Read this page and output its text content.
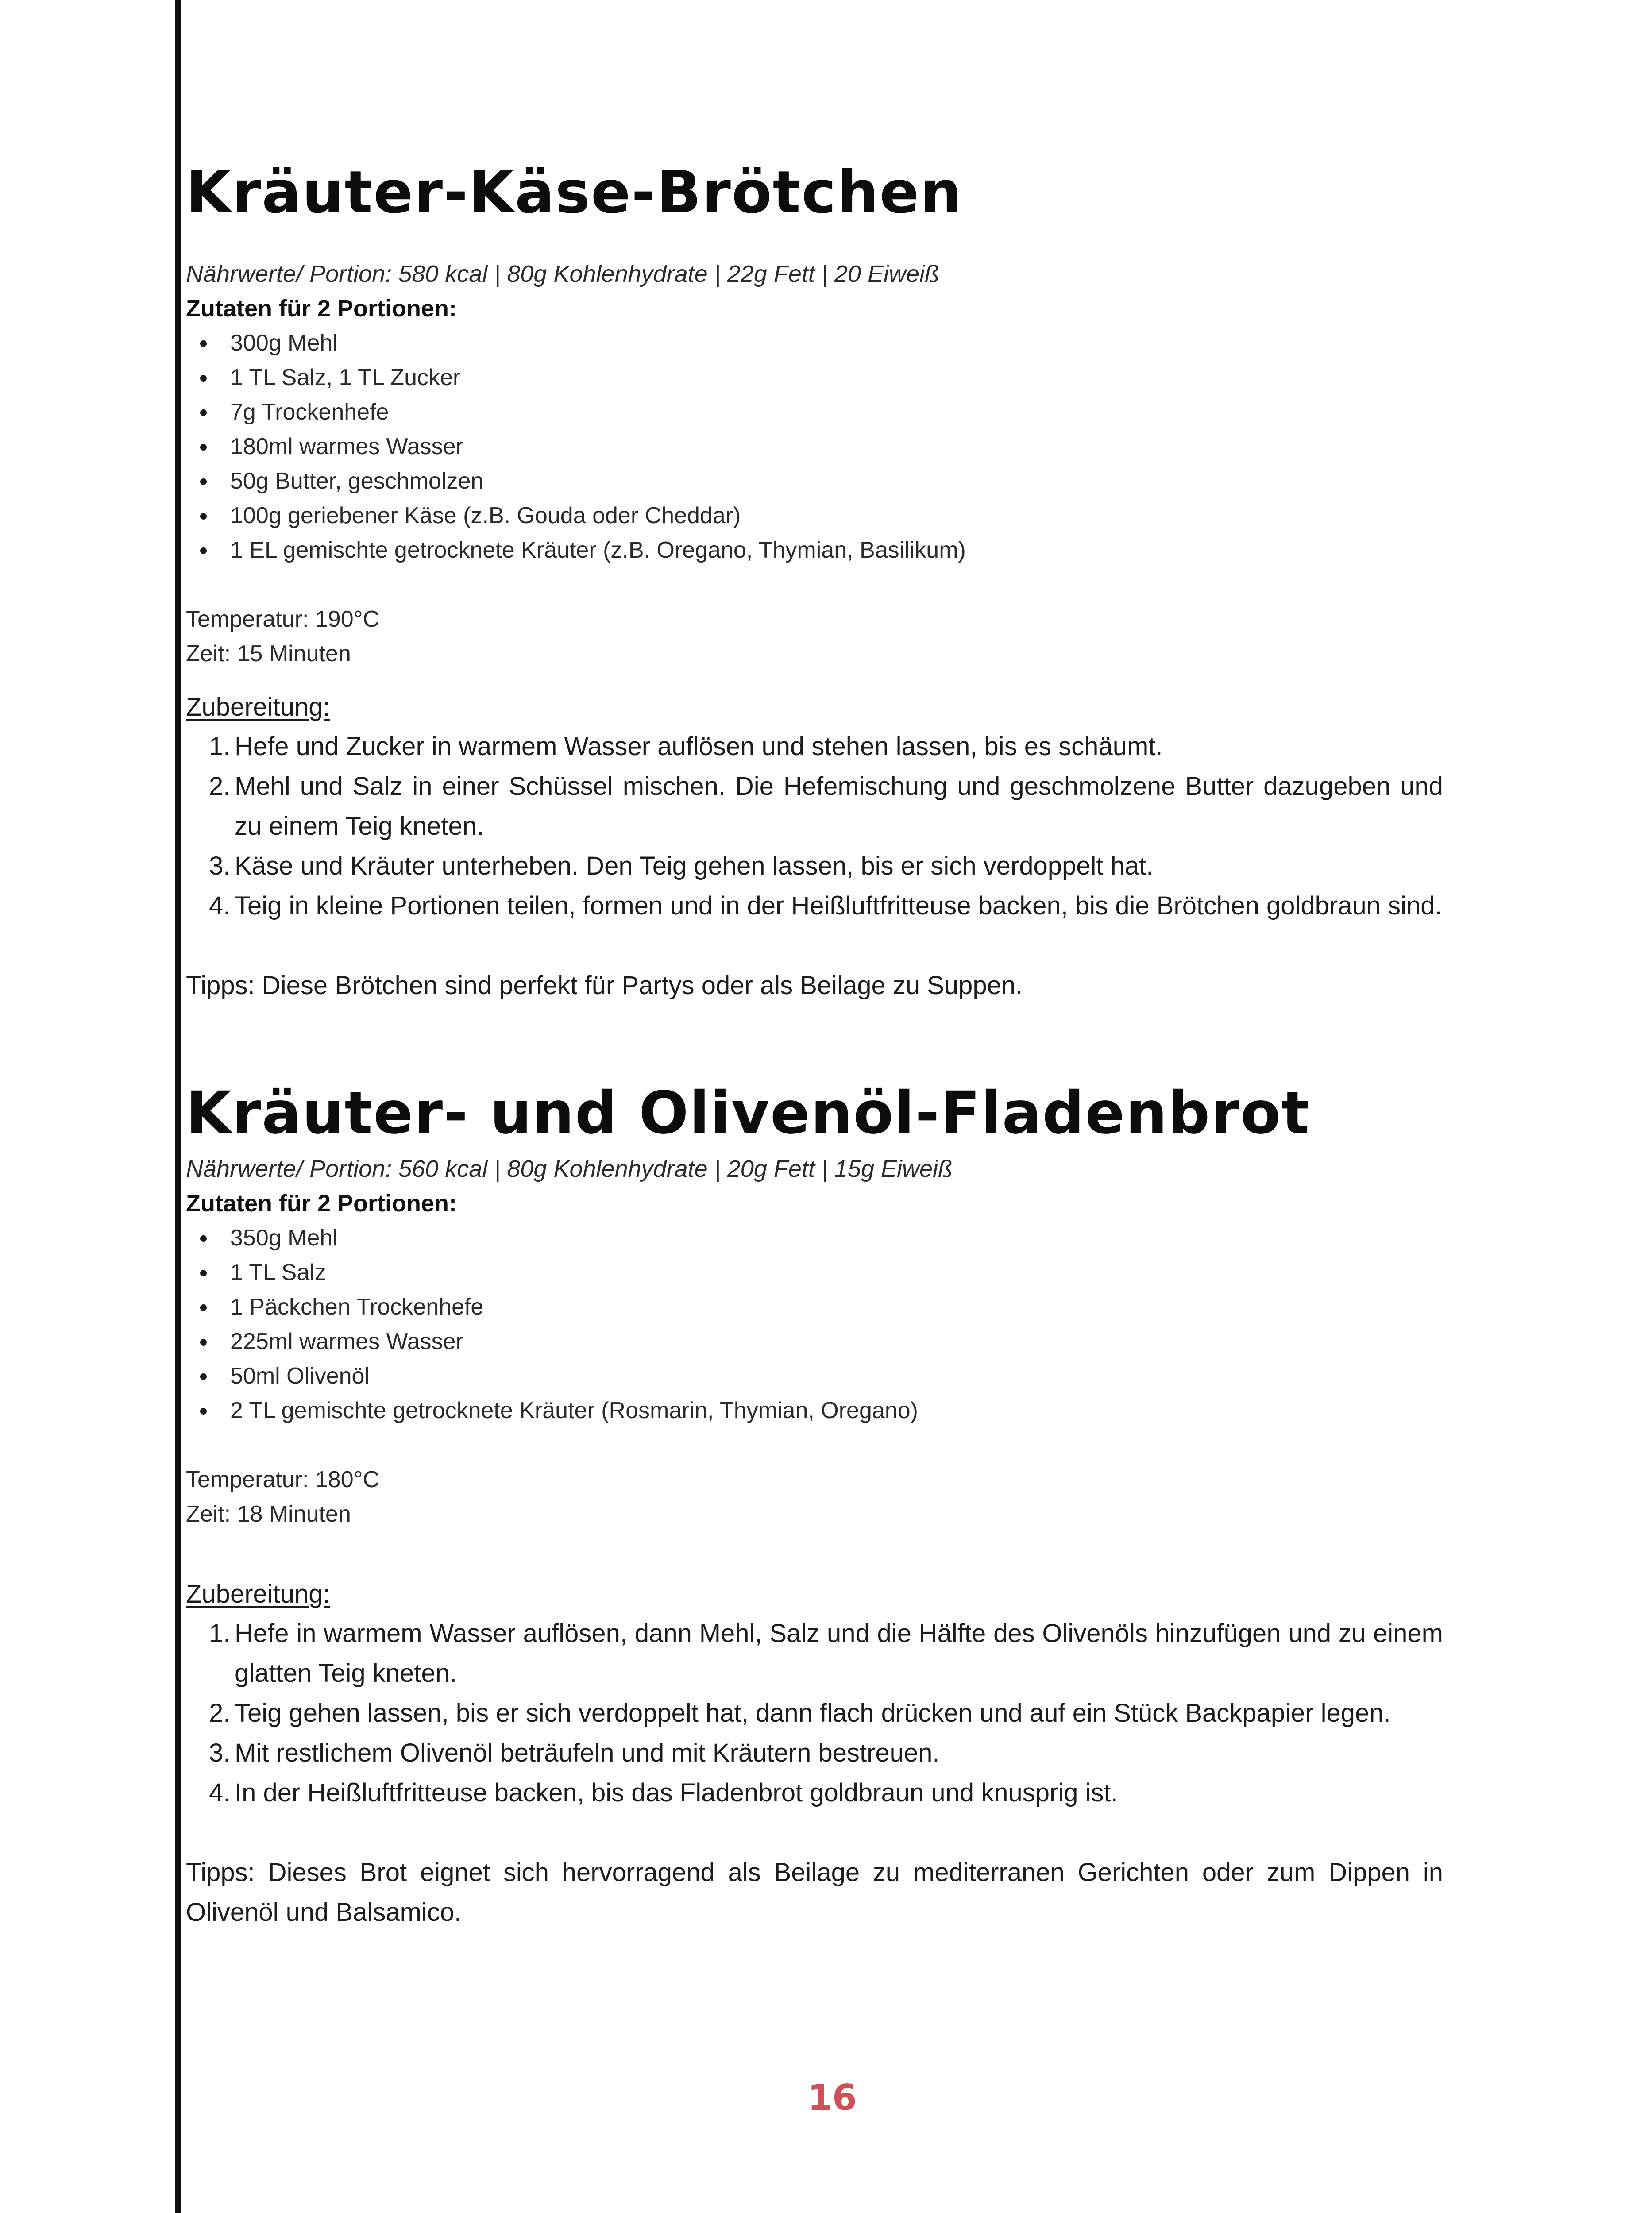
Kräuter-Käse-Brötchen

Nährwerte/ Portion: 580 kcal | 80g Kohlenhydrate | 22g Fett | 20 Eiweiß

Zutaten für 2 Portionen:

300g Mehl
1 TL Salz, 1 TL Zucker
7g Trockenhefe
180ml warmes Wasser
50g Butter, geschmolzen
100g geriebener Käse (z.B. Gouda oder Cheddar)
1 EL gemischte getrocknete Kräuter (z.B. Oregano, Thymian, Basilikum)

Temperatur: 190°C

Zeit: 15 Minuten

Zubereitung:

1. Hefe und Zucker in warmem Wasser auflösen und stehen lassen, bis es schäumt.
2. Mehl und Salz in einer Schüssel mischen. Die Hefemischung und geschmolzene Butter dazugeben und zu einem Teig kneten.
3. Käse und Kräuter unterheben. Den Teig gehen lassen, bis er sich verdoppelt hat.
4. Teig in kleine Portionen teilen, formen und in der Heißluftfritteuse backen, bis die Brötchen goldbraun sind.

Tipps: Diese Brötchen sind perfekt für Partys oder als Beilage zu Suppen.

Kräuter- und Olivenöl-Fladenbrot

Nährwerte/ Portion: 560 kcal | 80g Kohlenhydrate | 20g Fett | 15g Eiweiß

Zutaten für 2 Portionen:

350g Mehl
1 TL Salz
1 Päckchen Trockenhefe
225ml warmes Wasser
50ml Olivenöl
2 TL gemischte getrocknete Kräuter (Rosmarin, Thymian, Oregano)

Temperatur: 180°C

Zeit: 18 Minuten

Zubereitung:

1. Hefe in warmem Wasser auflösen, dann Mehl, Salz und die Hälfte des Olivenöls hinzufügen und zu einem glatten Teig kneten.
2. Teig gehen lassen, bis er sich verdoppelt hat, dann flach drücken und auf ein Stück Backpapier legen.
3. Mit restlichem Olivenöl beträufeln und mit Kräutern bestreuen.
4. In der Heißluftfritteuse backen, bis das Fladenbrot goldbraun und knusprig ist.

Tipps: Dieses Brot eignet sich hervorragend als Beilage zu mediterranen Gerichten oder zum Dippen in Olivenöl und Balsamico.

16
